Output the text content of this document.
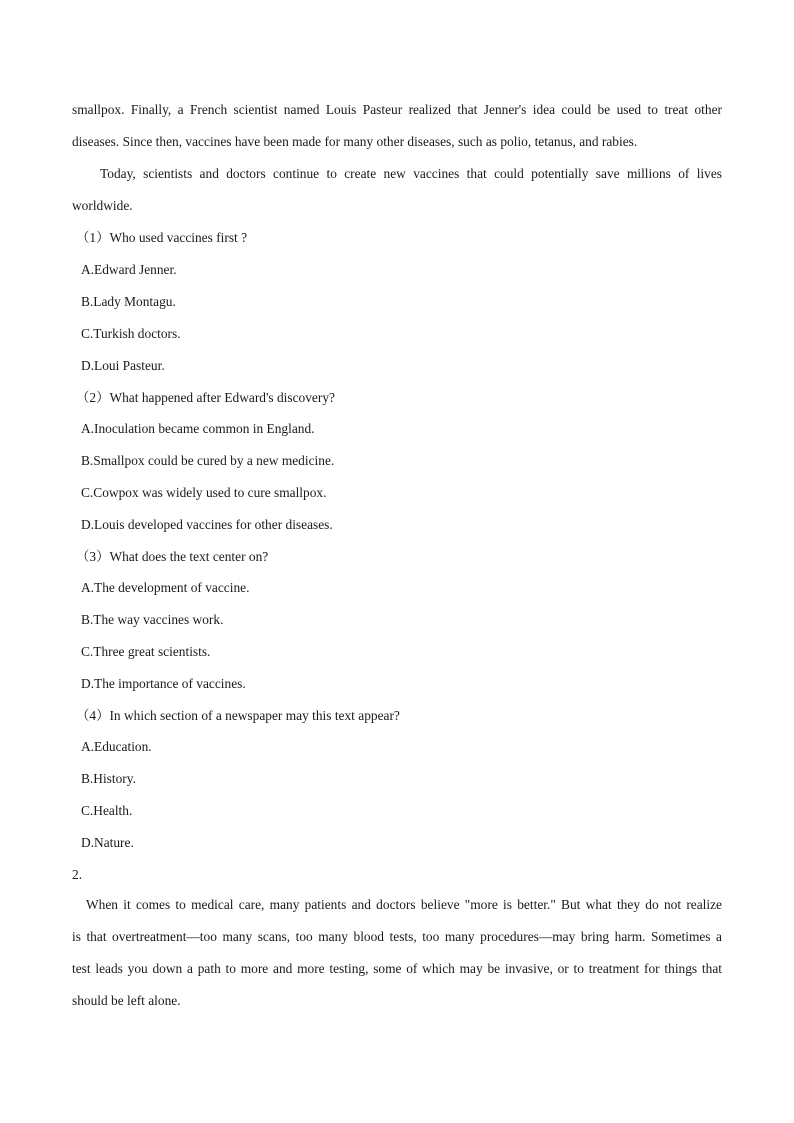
smallpox. Finally, a French scientist named Louis Pasteur realized that Jenner's idea could be used to treat other
diseases. Since then, vaccines have been made for many other diseases, such as polio, tetanus, and rabies.
Today, scientists and doctors continue to create new vaccines that could potentially save millions of lives
worldwide.
（1）Who used vaccines first ?
A.Edward Jenner.
B.Lady Montagu.
C.Turkish doctors.
D.Loui Pasteur.
（2）What happened after Edward's discovery?
A.Inoculation became common in England.
B.Smallpox could be cured by a new medicine.
C.Cowpox was widely used to cure smallpox.
D.Louis developed vaccines for other diseases.
（3）What does the text center on?
A.The development of vaccine.
B.The way vaccines work.
C.Three great scientists.
D.The importance of vaccines.
（4）In which section of a newspaper may this text appear?
A.Education.
B.History.
C.Health.
D.Nature.
2.
When it comes to medical care, many patients and doctors believe "more is better." But what they do not realize
is that overtreatment—too many scans, too many blood tests, too many procedures—may bring harm. Sometimes a
test leads you down a path to more and more testing, some of which may be invasive, or to treatment for things that
should be left alone.
